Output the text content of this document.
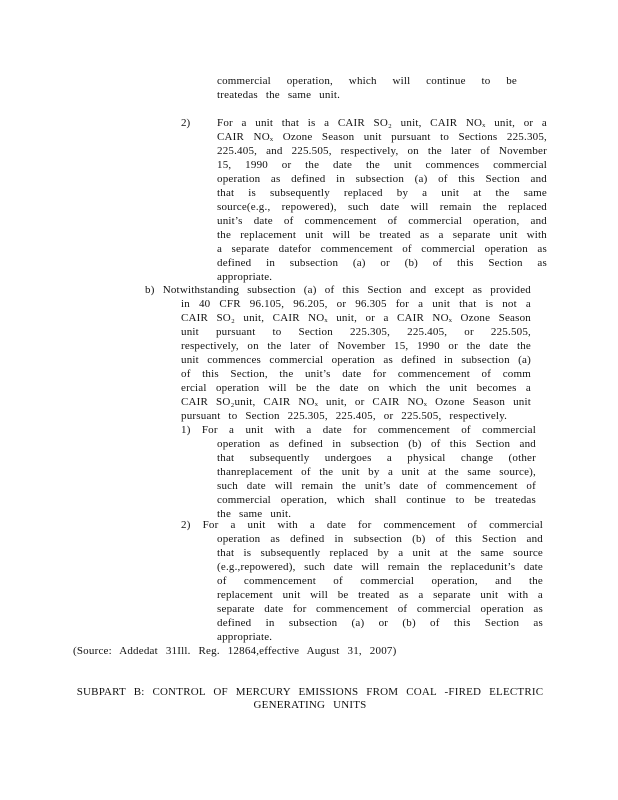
commercial operation, which will continue to be treatedas the same unit.
2) For a unit that is a CAIR SO₂ unit, CAIR NOₓ unit, or a CAIR NOₓ Ozone Season unit pursuant to Sections 225.305, 225.405, and 225.505, respectively, on the later of November 15, 1990 or the date the unit commences commercial operation as defined in subsection (a) of this Section and that is subsequently replaced by a unit at the same source(e.g., repowered), such date will remain the replaced unit’s date of commencement of commercial operation, and the replacement unit will be treated as a separate unit with a separate datefor commencement of commercial operation as defined in subsection (a) or (b) of this Section as appropriate.
b) Notwithstanding subsection (a) of this Section and except as provided in 40 CFR 96.105, 96.205, or 96.305 for a unit that is not a CAIR SO₂ unit, CAIR NOₓ unit, or a CAIR NOₓ Ozone Season unit pursuant to Section 225.305, 225.405, or 225.505, respectively, on the later of November 15, 1990 or the date the unit commences commercial operation as defined in subsection (a) of this Section, the unit’s date for commencement of comm ercial operation will be the date on which the unit becomes a CAIR SO₂unit, CAIR NOₓ unit, or CAIR NOₓ Ozone Season unit pursuant to Section 225.305, 225.405, or 225.505, respectively.
1) For a unit with a date for commencement of commercial operation as defined in subsection (b) of this Section and that subsequently undergoes a physical change (other thanreplacement of the unit by a unit at the same source), such date will remain the unit’s date of commencement of commercial operation, which shall continue to be treatedas the same unit.
2) For a unit with a date for commencement of commercial operation as defined in subsection (b) of this Section and that is subsequently replaced by a unit at the same source (e.g.,repowered), such date will remain the replacedunit’s date of commencement of commercial operation, and the replacement unit will be treated as a separate unit with a separate date for commencement of commercial operation as defined in subsection (a) or (b) of this Section as appropriate.
(Source: Addedat 31Ill. Reg. 12864,effective August 31, 2007)
SUBPART B: CONTROL OF MERCURY EMISSIONS FROM COAL -FIRED ELECTRIC
GENERATING UNITS
